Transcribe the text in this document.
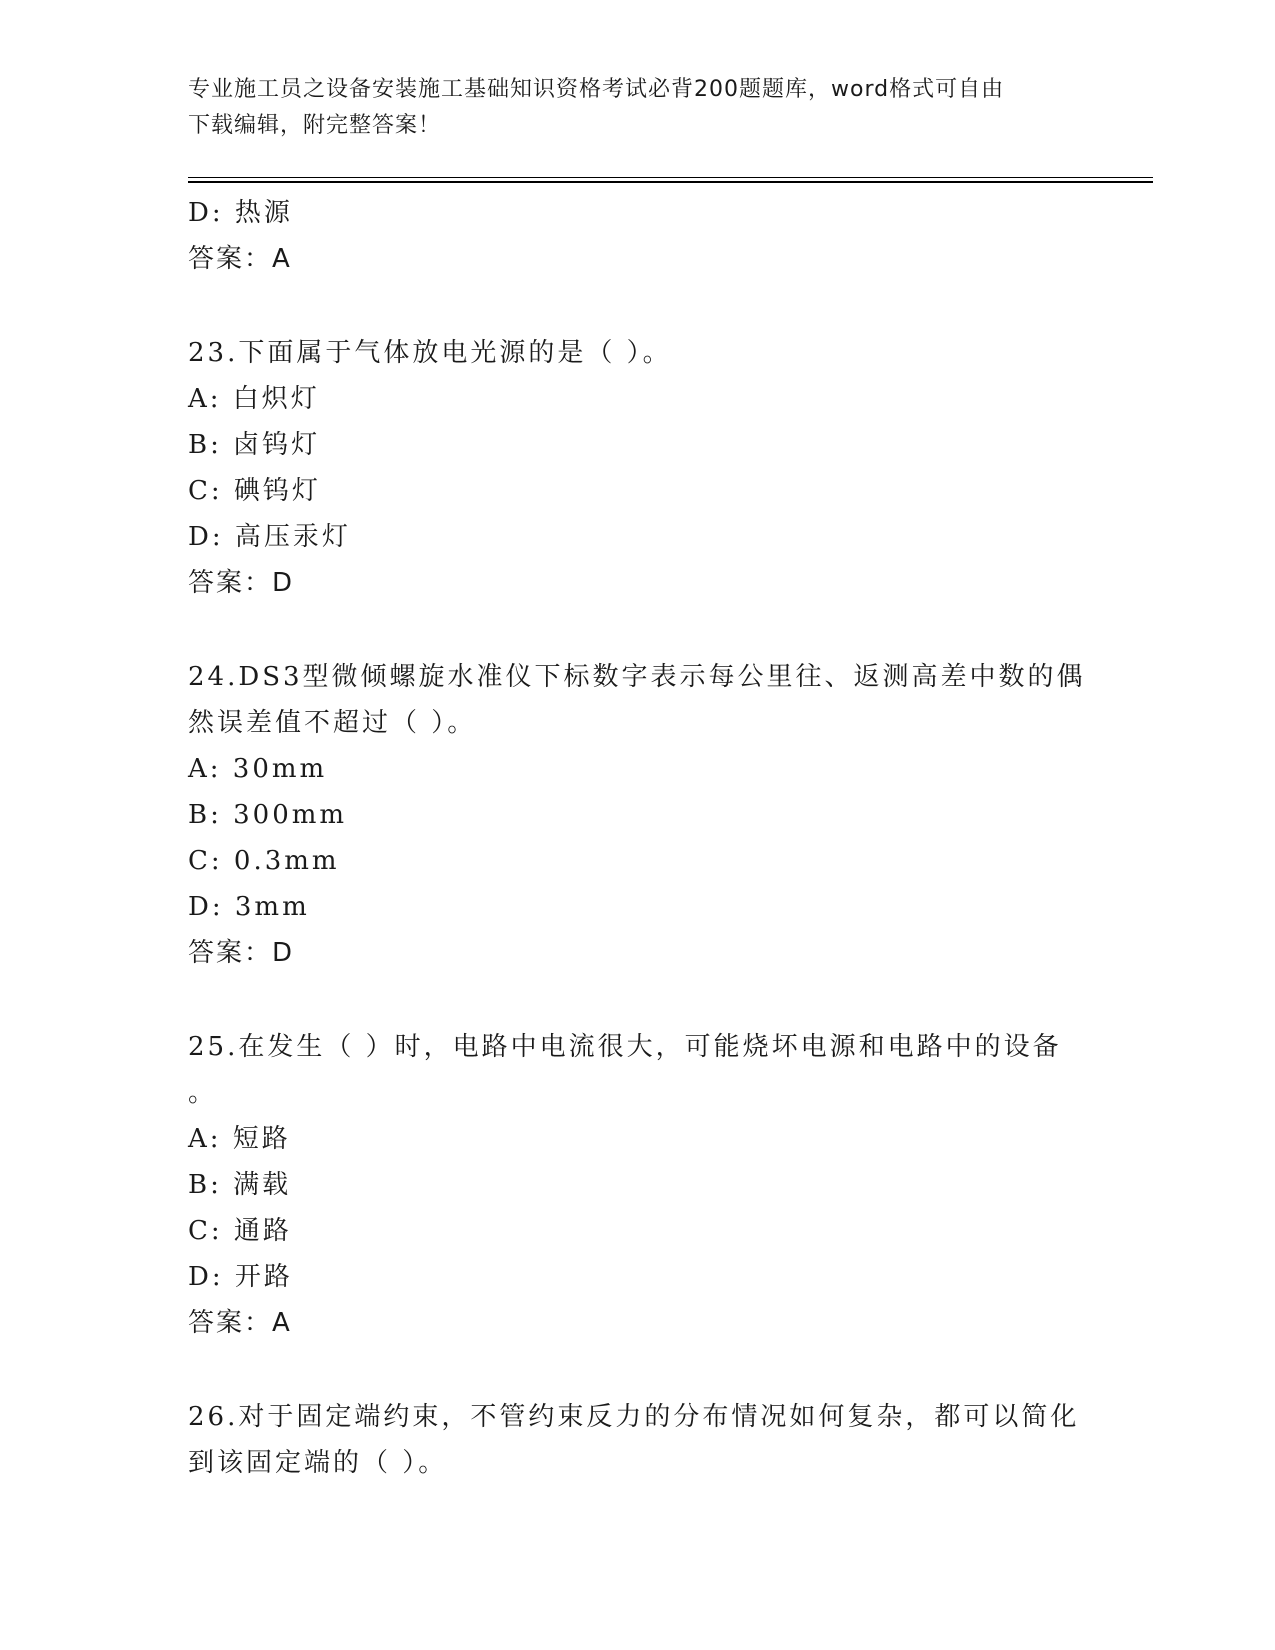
专业施工员之设备安装施工基础知识资格考试必背200题题库，word格式可自由
下载编辑，附完整答案！
D: 热源
答案：A
23.下面属于气体放电光源的是（ ）。
A: 白炽灯
B: 卤钨灯
C: 碘钨灯
D: 高压汞灯
答案：D
24.DS3型微倾螺旋水准仪下标数字表示每公里往、返测高差中数的偶
然误差值不超过（ ）。
A: 30mm
B: 300mm
C: 0.3mm
D: 3mm
答案：D
25.在发生（ ）时，电路中电流很大，可能烧坏电源和电路中的设备
。
A: 短路
B: 满载
C: 通路
D: 开路
答案：A
26.对于固定端约束，不管约束反力的分布情况如何复杂，都可以简化
到该固定端的（ ）。
